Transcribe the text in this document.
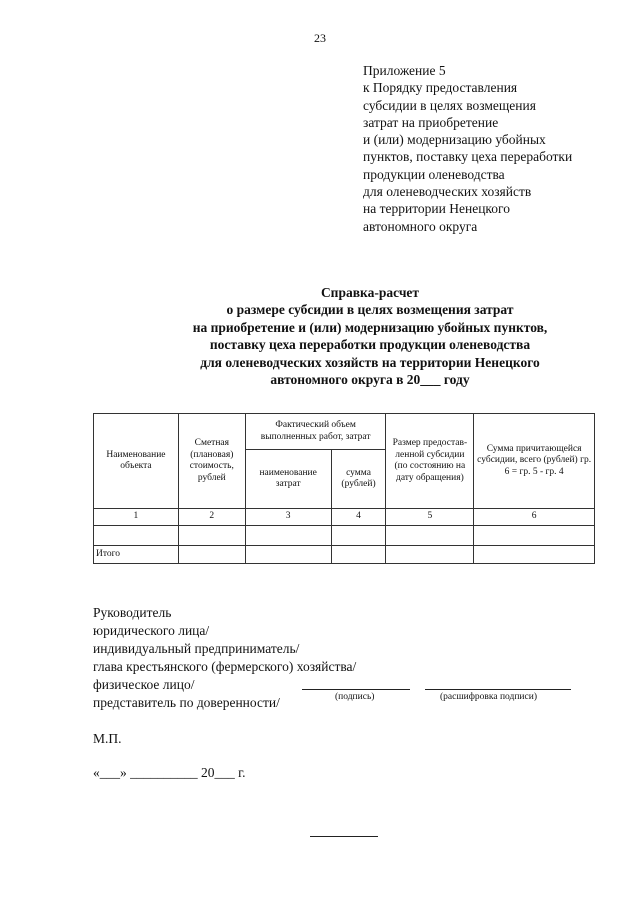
23
Приложение 5
к Порядку предоставления
субсидии в целях возмещения
затрат на приобретение
и (или) модернизацию убойных
пунктов, поставку цеха переработки
продукции оленеводства
для оленеводческих хозяйств
на территории Ненецкого
автономного округа
Справка-расчет
о размере субсидии в целях возмещения затрат
на приобретение и (или) модернизацию убойных пунктов,
поставку цеха переработки продукции оленеводства
для оленеводческих хозяйств на территории Ненецкого
автономного округа в 20___ году
Наименование объекта	Сметная (плановая) стоимость, рублей	Фактический объем выполненных работ, затрат		Размер предостав-ленной субсидии (по состоянию на дату обращения)	Сумма причитающейся субсидии, всего (рублей) гр. 6 = гр. 5 - гр. 4
		наименование затрат	сумма (рублей)		
1	2	3	4	5	6

Итого					
Руководитель
юридического лица/
индивидуальный предприниматель/
глава крестьянского (фермерского) хозяйства/
физическое лицо/
представитель по доверенности/	(подпись)	(расшифровка подписи)
М.П.
«___» __________ 20___ г.
